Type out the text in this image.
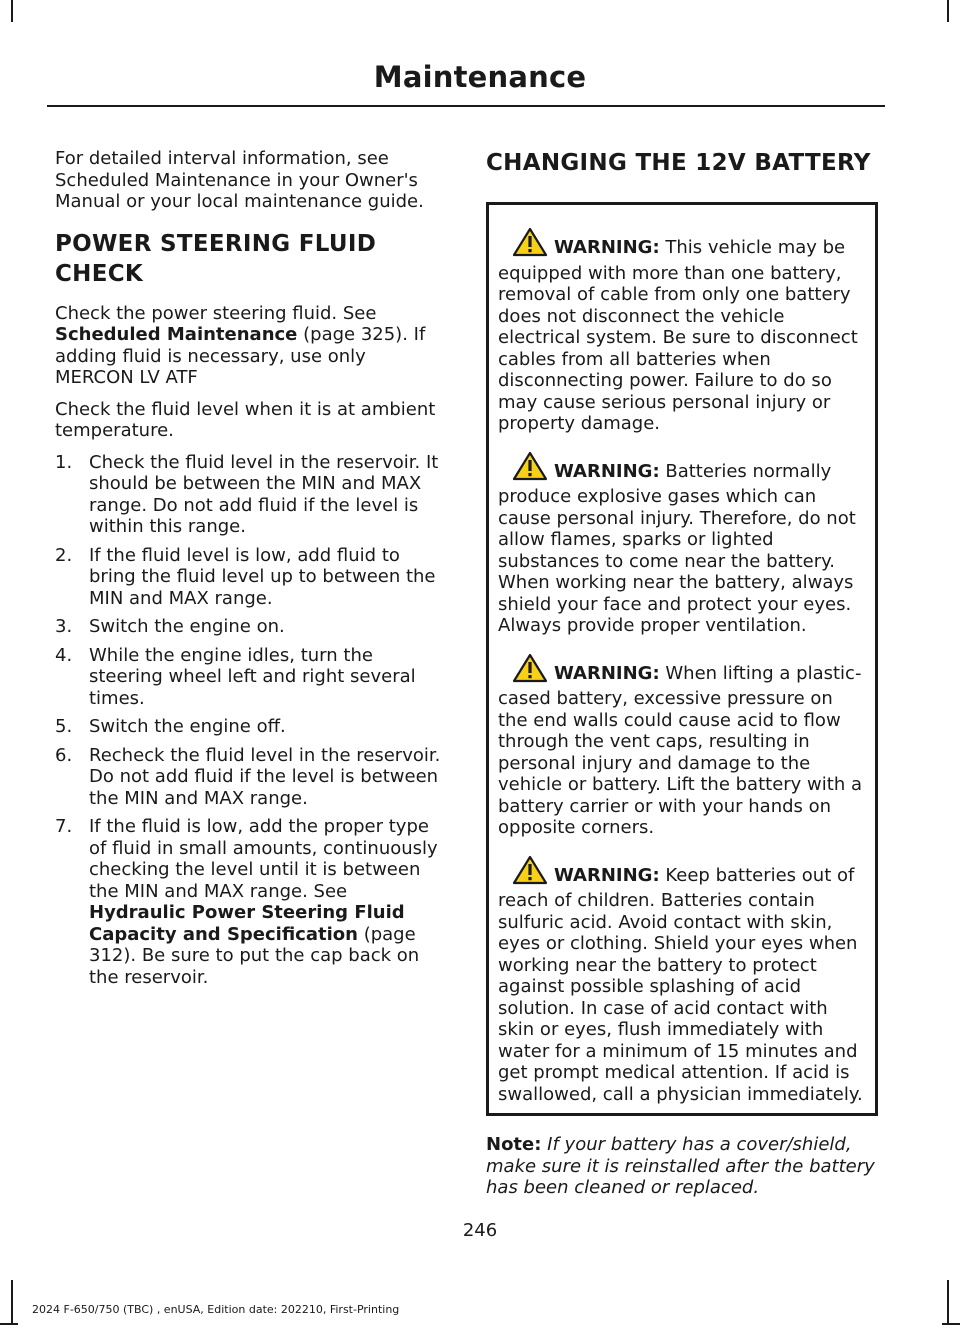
Maintenance

For detailed interval information, see Scheduled Maintenance in your Owner's Manual or your local maintenance guide.

POWER STEERING FLUID
CHECK

Check the power steering fluid. See Scheduled Maintenance (page 325). If adding fluid is necessary, use only MERCON LV ATF

Check the fluid level when it is at ambient temperature.

1. Check the fluid level in the reservoir. It should be between the MIN and MAX range. Do not add fluid if the level is within this range.
2. If the fluid level is low, add fluid to bring the fluid level up to between the MIN and MAX range.
3. Switch the engine on.
4. While the engine idles, turn the steering wheel left and right several times.
5. Switch the engine off.
6. Recheck the fluid level in the reservoir. Do not add fluid if the level is between the MIN and MAX range.
7. If the fluid is low, add the proper type of fluid in small amounts, continuously checking the level until it is between the MIN and MAX range. See Hydraulic Power Steering Fluid Capacity and Specification (page 312). Be sure to put the cap back on the reservoir.
CHANGING THE 12V BATTERY

WARNING: This vehicle may be equipped with more than one battery, removal of cable from only one battery does not disconnect the vehicle electrical system. Be sure to disconnect cables from all batteries when disconnecting power. Failure to do so may cause serious personal injury or property damage.

WARNING: Batteries normally produce explosive gases which can cause personal injury. Therefore, do not allow flames, sparks or lighted substances to come near the battery. When working near the battery, always shield your face and protect your eyes. Always provide proper ventilation.

WARNING: When lifting a plastic-cased battery, excessive pressure on the end walls could cause acid to flow through the vent caps, resulting in personal injury and damage to the vehicle or battery. Lift the battery with a battery carrier or with your hands on opposite corners.

WARNING: Keep batteries out of reach of children. Batteries contain sulfuric acid. Avoid contact with skin, eyes or clothing. Shield your eyes when working near the battery to protect against possible splashing of acid solution. In case of acid contact with skin or eyes, flush immediately with water for a minimum of 15 minutes and get prompt medical attention. If acid is swallowed, call a physician immediately.

Note: If your battery has a cover/shield, make sure it is reinstalled after the battery has been cleaned or replaced.

246
2024 F-650/750 (TBC) , enUSA, Edition date: 202210, First-Printing
